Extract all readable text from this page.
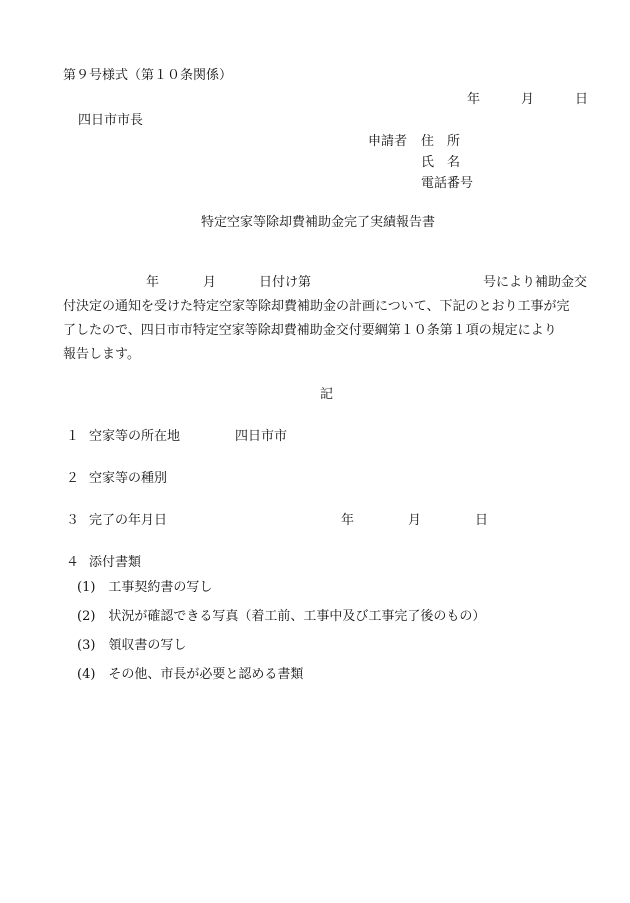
第９号様式（第１０条関係）
年	月	日
四日市市長
申請者 住　所
氏　名
電話番号
特定空家等除却費補助金完了実績報告書
年	月	日付け第	号により補助金交
付決定の通知を受けた特定空家等除却費補助金の計画について、下記のとおり工事が完
了したので、四日市市特定空家等除却費補助金交付要綱第１０条第１項の規定により
報告します。
記
１ 空家等の所在地	四日市市
２ 空家等の種別
３ 完了の年月日	年	月	日
４ 添付書類
(1)　工事契約書の写し
(2)　状況が確認できる写真（着工前、工事中及び工事完了後のもの）
(3)　領収書の写し
(4)　その他、市長が必要と認める書類
